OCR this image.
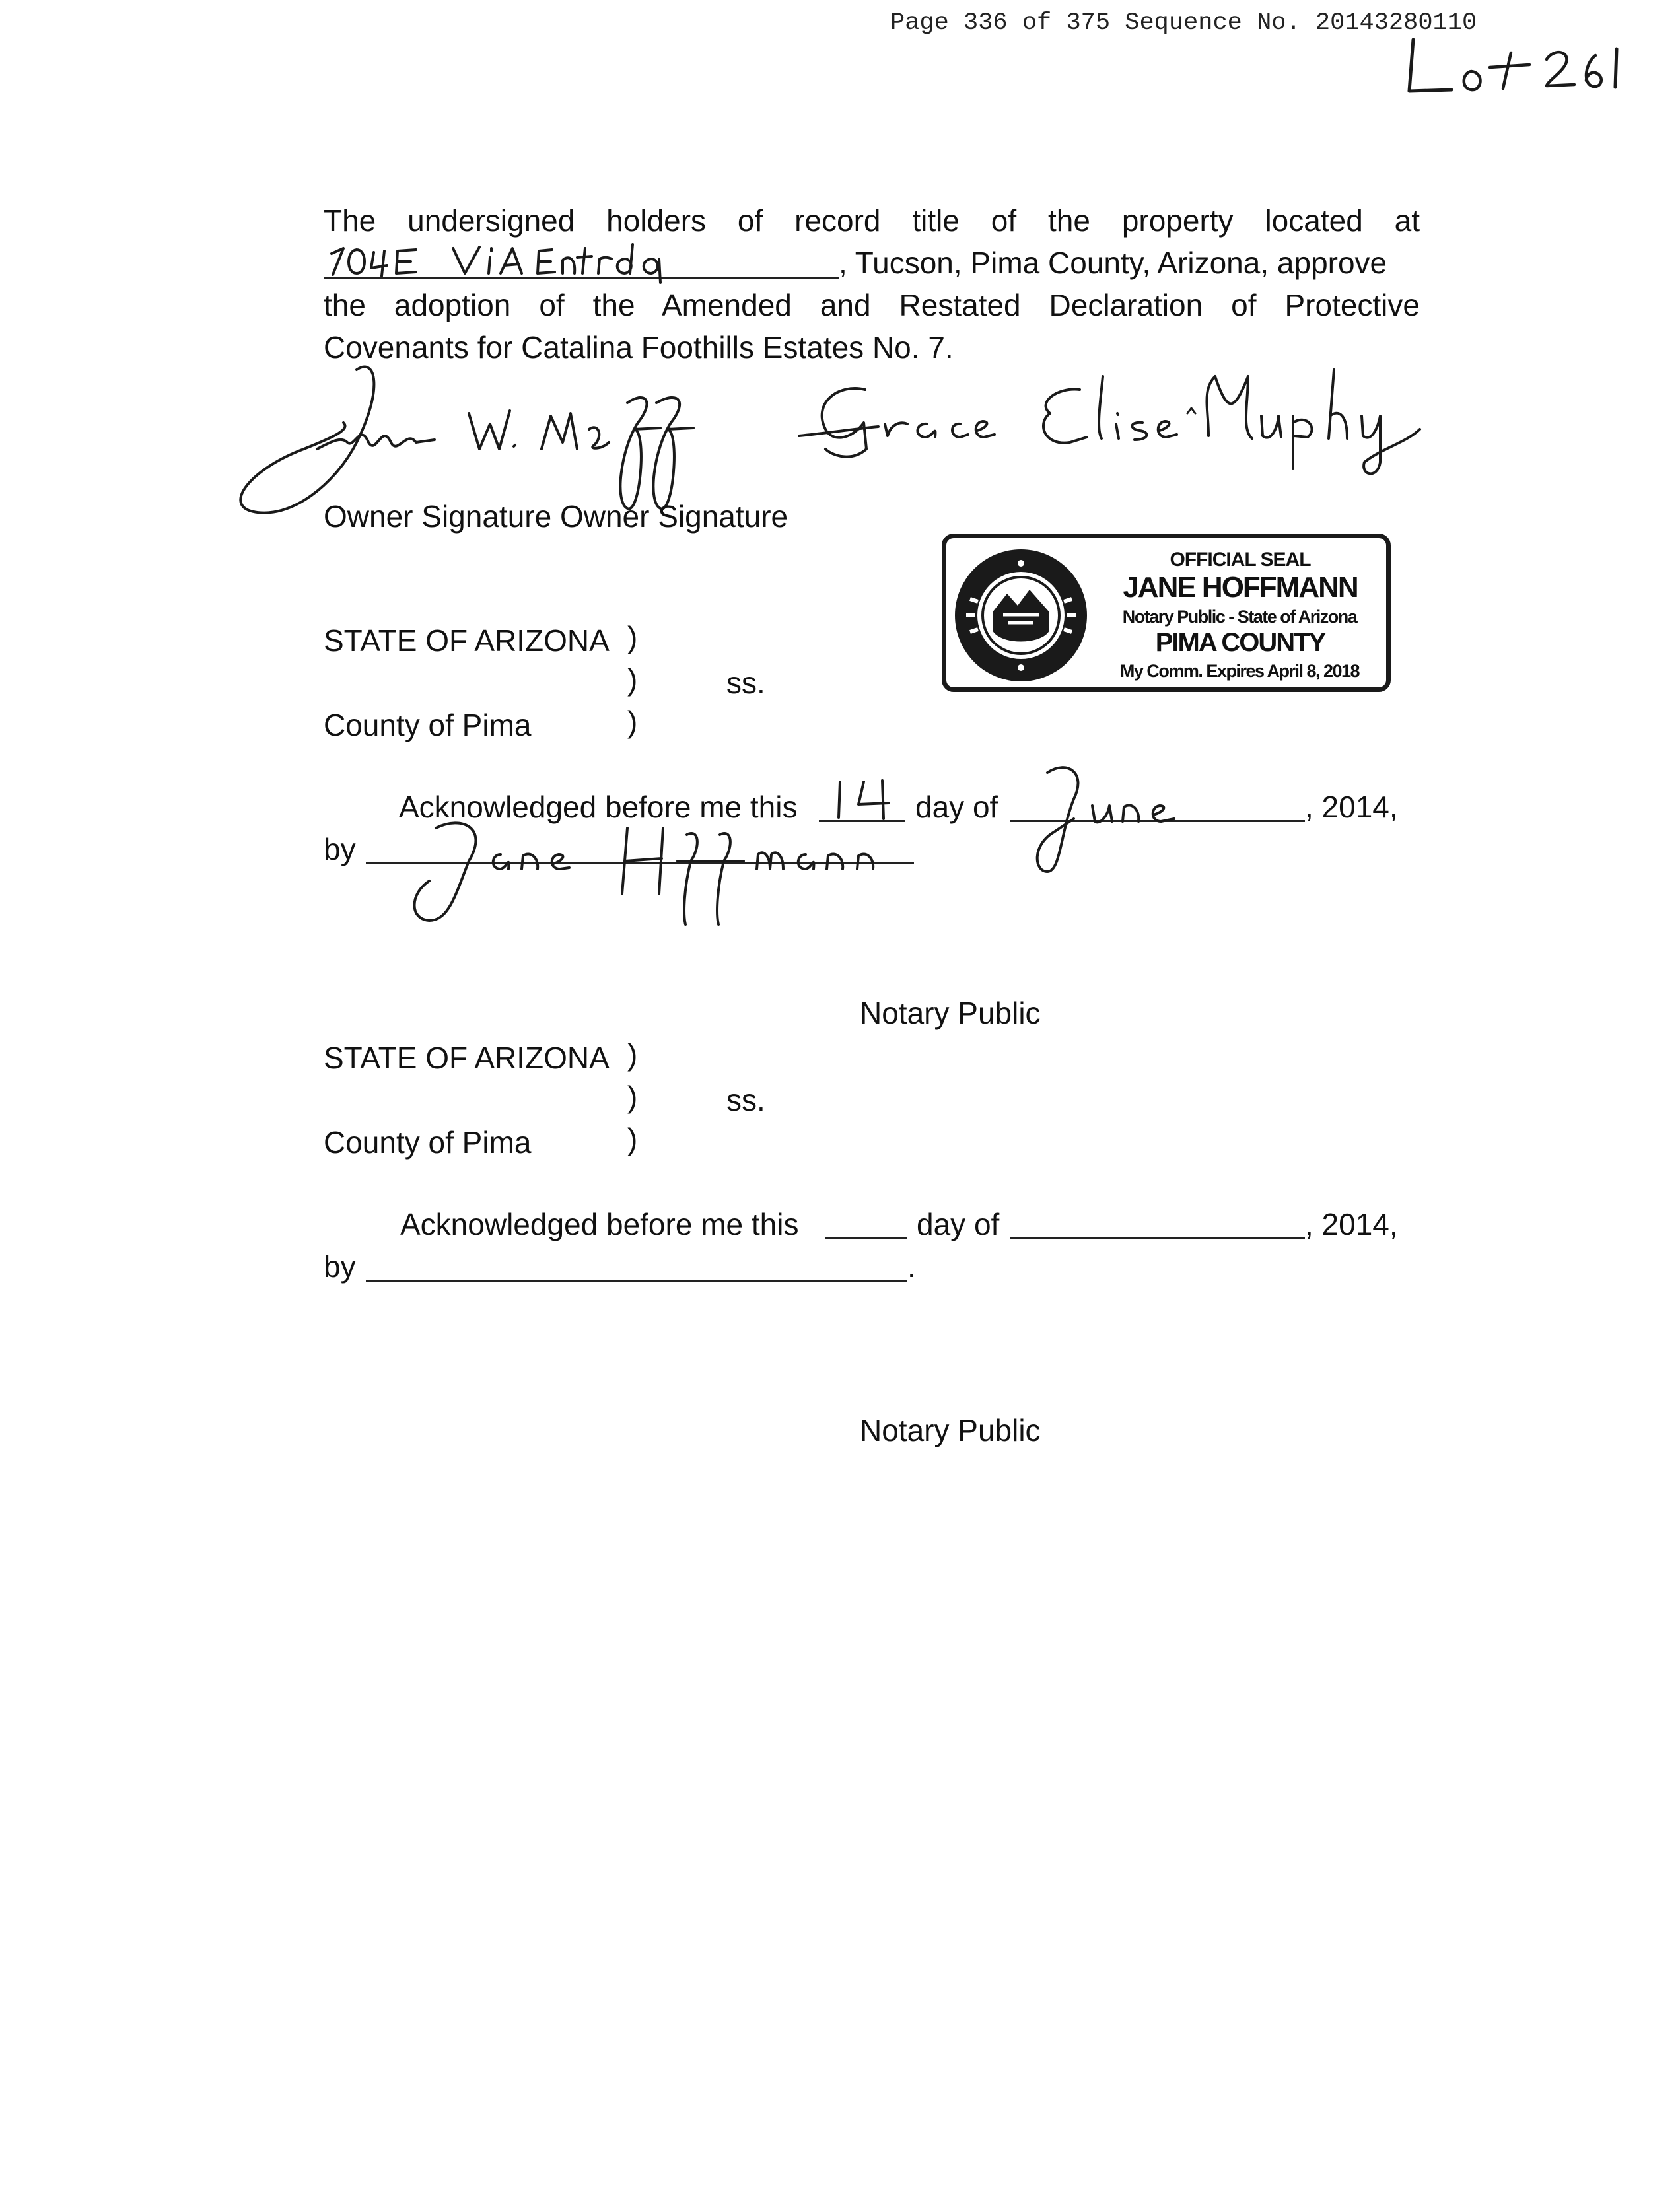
Page 336 of 375 Sequence No. 20143280110
The undersigned holders of record title of the property located at
, Tucson, Pima County, Arizona, approve
the adoption of the Amended and Restated Declaration of Protective
Covenants for Catalina Foothills Estates No. 7.
Owner Signature Owner Signature
OFFICIAL SEAL
JANE HOFFMANN
Notary Public - State of Arizona
PIMA COUNTY
My Comm. Expires April 8, 2018
STATE OF ARIZONA )
)	ss.
County of Pima	)
Acknowledged before me this	day of	, 2014,
by
Notary Public
STATE OF ARIZONA )
)	ss.
County of Pima	)
Acknowledged before me this	day of	, 2014,
by	.
Notary Public
